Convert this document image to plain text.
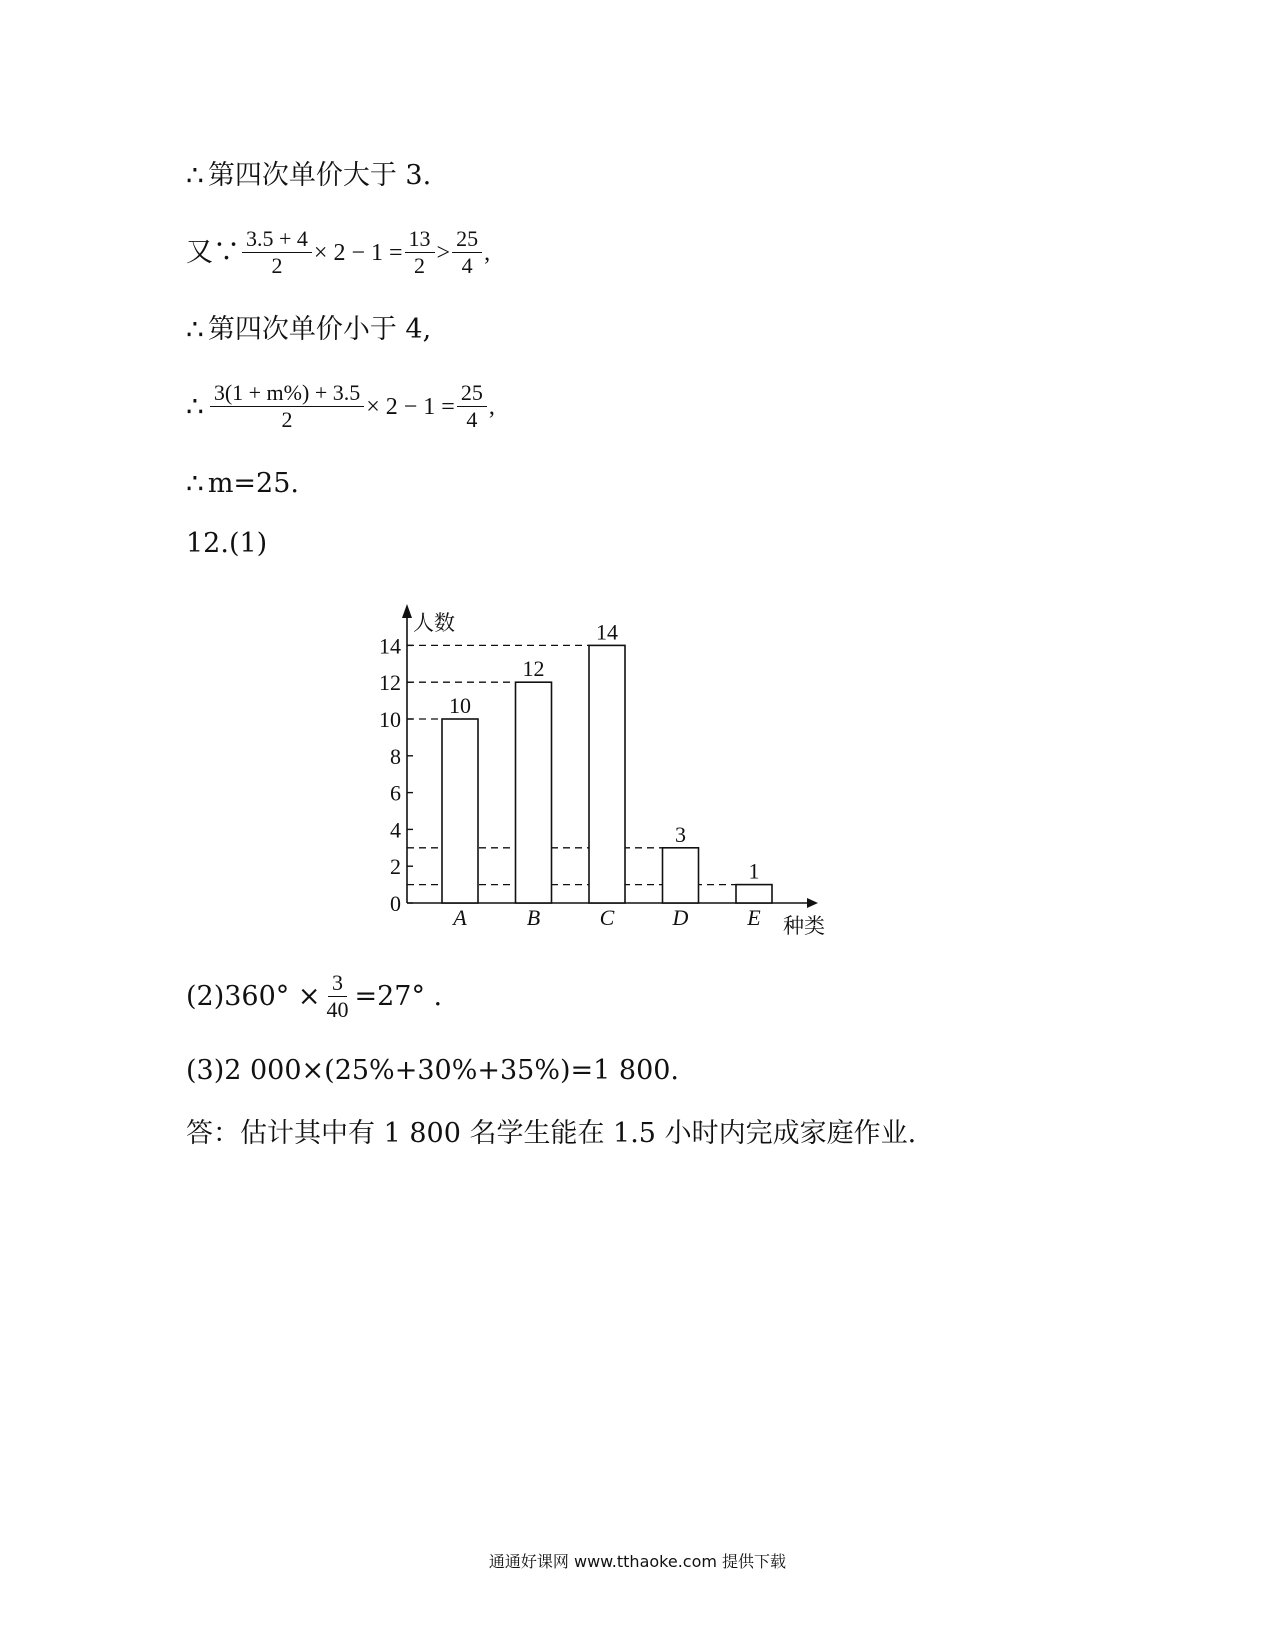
∴ 第四次单价大于 3.
又∵ $\frac{3.5 + 4}{2} \times 2 - 1 = \frac{13}{2} > \frac{25}{4}$ ,
∴ 第四次单价小于 4,
∴ $\frac{3(1 + m\%) + 3.5}{2} \times 2 - 1 = \frac{25}{4}$ ,
∴ m=25.
12.(1)
0
2
4
6
8
10
12
14
10
A
12
B
14
C
3
D
1
E
人数
种类
$(2)360^\circ \times \frac{3}{40} =27^\circ$ .
(3)2 000×(25%+30%+35%)=1 800.
答：估计其中有 1 800 名学生能在 1.5 小时内完成家庭作业.
通通好课网 www.tthaoke.com 提供下载
